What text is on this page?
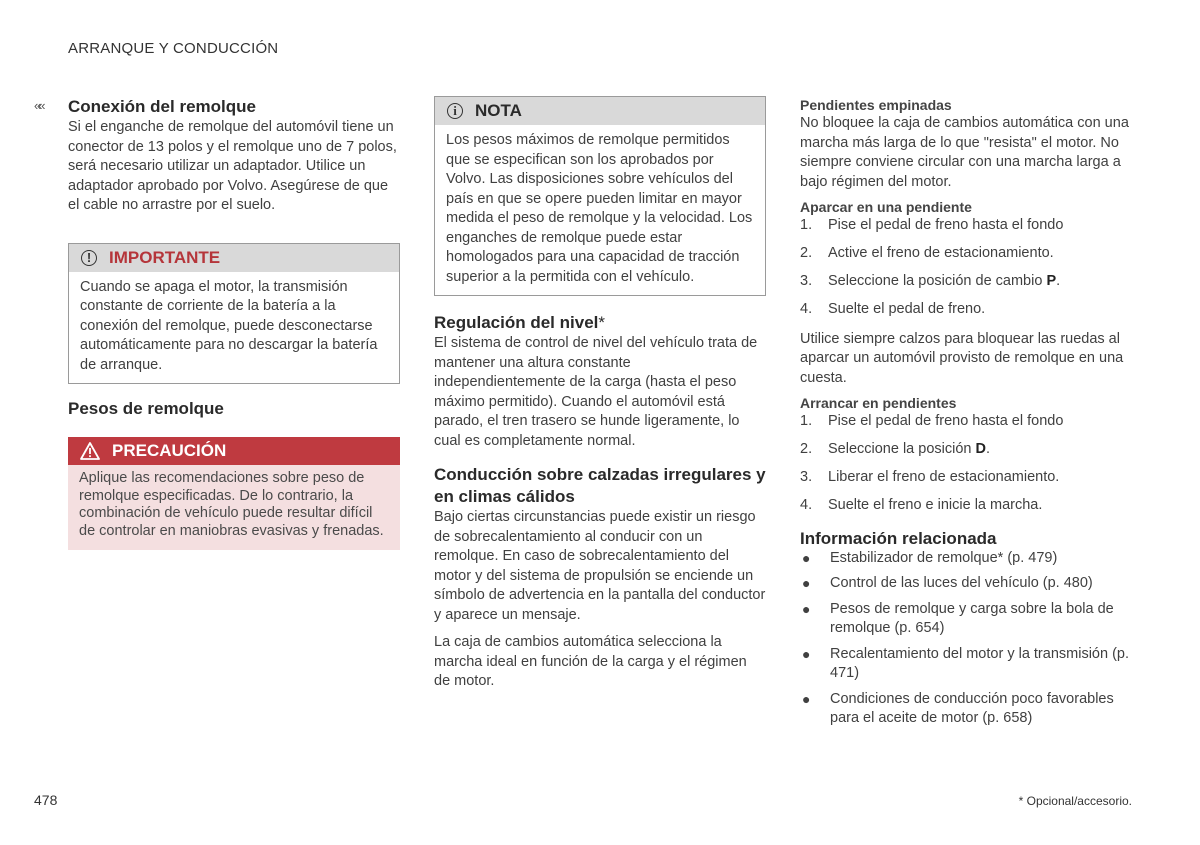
ARRANQUE Y CONDUCCIÓN
«« Conexión del remolque

Si el enganche de remolque del automóvil tiene un conector de 13 polos y el remolque uno de 7 polos, será necesario utilizar un adaptador. Utilice un adaptador aprobado por Volvo. Asegúrese de que el cable no arrastre por el suelo.

!	IMPORTANTE
Cuando se apaga el motor, la transmisión constante de corriente de la batería a la conexión del remolque, puede desconectarse automáticamente para no descargar la batería de arranque.
Pesos de remolque
PRECAUCIÓN
Aplique las recomendaciones sobre peso de remolque especificadas. De lo contrario, la combinación de vehículo puede resultar difícil de controlar en maniobras evasivas y frenadas.
i	NOTA
Los pesos máximos de remolque permitidos que se especifican son los aprobados por Volvo. Las disposiciones sobre vehículos del país en que se opere pueden limitar en mayor medida el peso de remolque y la velocidad. Los enganches de remolque puede estar homologados para una capacidad de tracción superior a la permitida con el vehículo.
Regulación del nivel*

El sistema de control de nivel del vehículo trata de mantener una altura constante independientemente de la carga (hasta el peso máximo permitido). Cuando el automóvil está parado, el tren trasero se hunde ligeramente, lo cual es completamente normal.

Conducción sobre calzadas irregulares y en climas cálidos

Bajo ciertas circunstancias puede existir un riesgo de sobrecalentamiento al conducir con un remolque. En caso de sobrecalentamiento del motor y del sistema de propulsión se enciende un símbolo de advertencia en la pantalla del conductor y aparece un mensaje.

La caja de cambios automática selecciona la marcha ideal en función de la carga y el régimen de motor.

Pendientes empinadas

No bloquee la caja de cambios automática con una marcha más larga de lo que "resista" el motor. No siempre conviene circular con una marcha larga a bajo régimen del motor.

Aparcar en una pendiente
1.	Pise el pedal de freno hasta el fondo
2.	Active el freno de estacionamiento.
3.	Seleccione la posición de cambio P.
4.	Suelte el pedal de freno.

Utilice siempre calzos para bloquear las ruedas al aparcar un automóvil provisto de remolque en una cuesta.

Arrancar en pendientes
1.	Pise el pedal de freno hasta el fondo
2.	Seleccione la posición D.
3.	Liberar el freno de estacionamiento.
4.	Suelte el freno e inicie la marcha.
Información relacionada
●	Estabilizador de remolque* (p. 479)
●	Control de las luces del vehículo (p. 480)
●	Pesos de remolque y carga sobre la bola de remolque (p. 654)
●	Recalentamiento del motor y la transmisión (p. 471)
●	Condiciones de conducción poco favorables para el aceite de motor (p. 658)
478	* Opcional/accesorio.
